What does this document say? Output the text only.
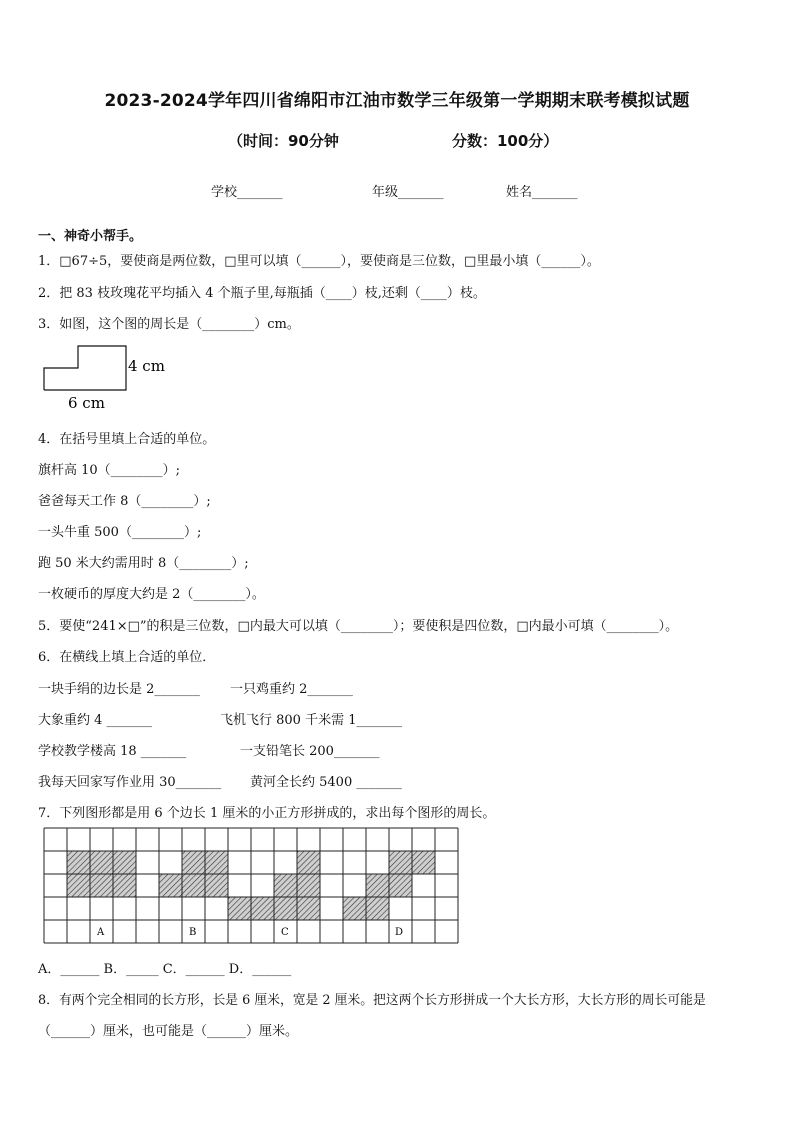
2023-2024学年四川省绵阳市江油市数学三年级第一学期期末联考模拟试题
（时间：90分钟	分数：100分）
学校_______	年级_______	姓名_______
一、神奇小帮手。
1．□67÷5，要使商是两位数，□里可以填（______），要使商是三位数，□里最小填（______）。
2．把 83 枝玫瑰花平均插入 4 个瓶子里,每瓶插（____）枝,还剩（____）枝。
3．如图，这个图的周长是（________）cm。
4 cm
6 cm
4．在括号里填上合适的单位。
旗杆高 10（________）;
爸爸每天工作 8（________）;
一头牛重 500（________）;
跑 50 米大约需用时 8（________）;
一枚硬币的厚度大约是 2（________）。
5．要使“241×□”的积是三位数，□内最大可以填（________）；要使积是四位数，□内最小可填（________）。
6．在横线上填上合适的单位．
一块手绢的边长是 2_______ 一只鸡重约 2_______
大象重约 4 _______	飞机飞行 800 千米需 1_______
学校教学楼高 18 _______	一支铅笔长 200_______
我每天回家写作业用 30_______ 黄河全长约 5400 _______
7．下列图形都是用 6 个边长 1 厘米的小正方形拼成的，求出每个图形的周长。
A	B	C	D
A．______ B．_____ C．______ D．______
8．有两个完全相同的长方形，长是 6 厘米，宽是 2 厘米。把这两个长方形拼成一个大长方形，大长方形的周长可能是
（______）厘米，也可能是（______）厘米。
